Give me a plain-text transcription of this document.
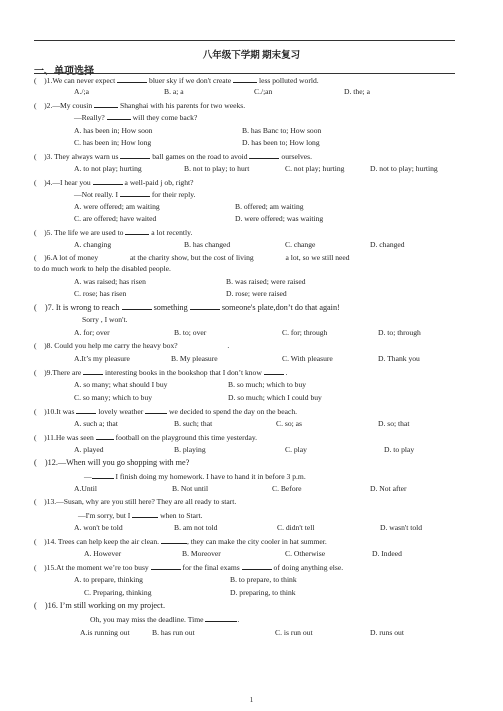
八年级下学期 期末复习
一、单项选择
(    )1.We can never expect	bluer sky if we don't create	less polluted world.
A./;a	B. a; a	C./;an	D. the; a
(    )2.—My cousin	Shanghai with his parents for two weeks.
—Really?	will they come back?
A. has been in; How soon	B. has Banc to; How soon
C. has been in; How long	D. has been to; How long
(    )3. They always warn us	ball games on the road to avoid	ourselves.
A. to not play; hurting	B. not to play; to hurt	C. not play; hurting	D. not to play; hurting
(    )4.—I hear you	a well-paid j ob, right?
—Not really. I	for their reply.
A. were offered; am waiting	B. offered; am waiting
C. are offered; have waited	D. were offered; was waiting
(    )5. The life we are used to	a lot recently.
A. changing	B. has changed	C. change	D. changed
(    )6.A lot of money	at the charity show, but the cost of living	a lot, so we still need
to do much work to help the disabled people.
A. was raised; has risen	B. was raised; were raised
C. rose; has risen	D. rose; were raised
(    )7. It is wrong to reach	something	someone's plate,don’t do that again!
Sorry , I won't.
A. for; over	B. to; over	C. for; through	D. to; through
(    )8. Could you help me carry the heavy box?	.
A.It’s my pleasure	B. My pleasure	C. With pleasure	D. Thank you
(    )9.There are	interesting books in the bookshop that I don’t know	.
A. so many; what should I buy	B. so much; which to buy
C. so many; which to buy	D. so much; which I could buy
(    )10.It was	lovely weather	we decided to spend the day on the beach.
A. such a; that	B. such; that	C. so; as	D. so; that
(    )11.He was seen	football on the playground this time yesterday.
A. played	B. playing	C. play	D. to play
(    )12.—When will you go shopping with me?
—	I finish doing my homework. I have to hand it in before 3 p.m.
A.Until	B. Not until	C. Before	D. Not after
(    )13.—Susan, why are you still here? They are all ready to start.
—I'm sorry, but I	when to Start.
A. won't be told	B. am not told	C. didn't tell	D. wasn't told
(    )14. Trees can help keep the air clean.	, they can make the city cooler in hat summer.
A. However	B. Moreover	C. Otherwise	D. Indeed
(    )15.At the moment we’re too busy	for the final exams	of doing anything else.
A. to prepare, thinking	B. to prepare, to think
C. Preparing, thinking	D. preparing, to think
(    )16. I’m still working on my project.
Oh, you may miss the deadline. Time	.
A.is running out	B. has run out	C. is run out	D. runs out
1
